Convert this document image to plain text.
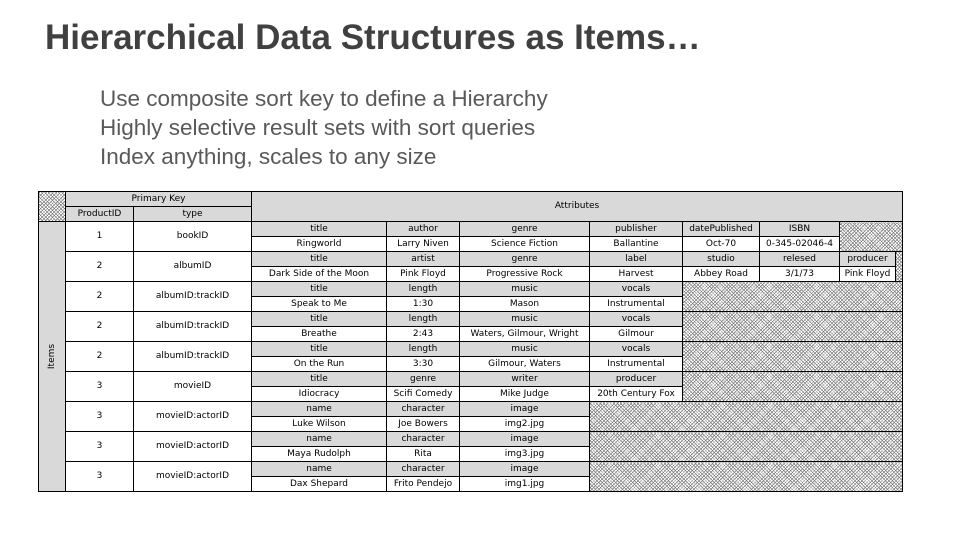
Hierarchical Data Structures as Items…
Use composite sort key to define a Hierarchy
Highly selective result sets with sort queries
Index anything, scales to any size
	Primary Key		Attributes							
	ProductID	type								
Items	1	bookID	title	author	genre	publisher	datePublished	ISBN		
			Ringworld	Larry Niven	Science Fiction	Ballantine	Oct-70	0-345-02046-4		
	2	albumID	title	artist	genre	label	studio	relesed	producer	
			Dark Side of the Moon	Pink Floyd	Progressive Rock	Harvest	Abbey Road	3/1/73	Pink Floyd	
	2	albumID:trackID	title	length	music	vocals				
			Speak to Me	1:30	Mason	Instrumental				
	2	albumID:trackID	title	length	music	vocals				
			Breathe	2:43	Waters, Gilmour, Wright	Gilmour				
	2	albumID:trackID	title	length	music	vocals				
			On the Run	3:30	Gilmour, Waters	Instrumental				
	3	movieID	title	genre	writer	producer				
			Idiocracy	Scifi Comedy	Mike Judge	20th Century Fox				
	3	movieID:actorID	name	character	image					
			Luke Wilson	Joe Bowers	img2.jpg					
	3	movieID:actorID	name	character	image					
			Maya Rudolph	Rita	img3.jpg					
	3	movieID:actorID	name	character	image					
			Dax Shepard	Frito Pendejo	img1.jpg					
